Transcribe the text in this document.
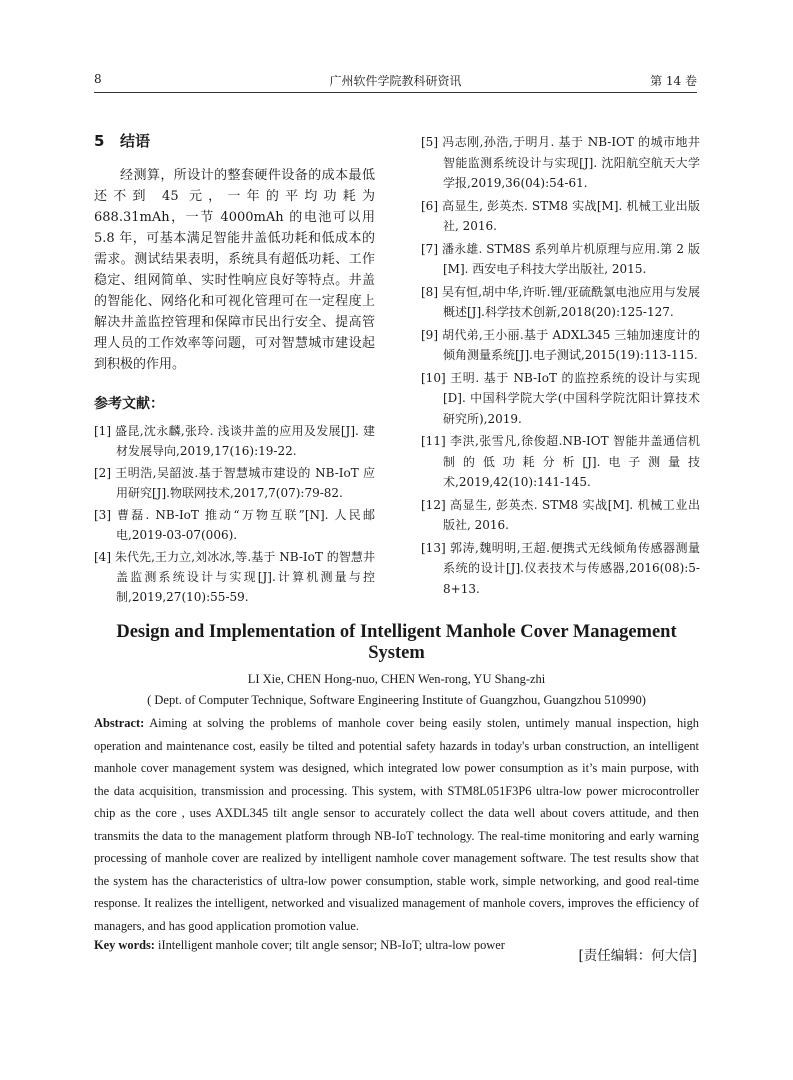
8	广州软件学院教科研资讯	第 14 卷
5 结语

经测算，所设计的整套硬件设备的成本最低还不到 45 元，一年的平均功耗为 688.31mAh，一节 4000mAh 的电池可以用 5.8 年，可基本满足智能井盖低功耗和低成本的需求。测试结果表明，系统具有超低功耗、工作稳定、组网简单、实时性响应良好等特点。井盖的智能化、网络化和可视化管理可在一定程度上解决井盖监控管理和保障市民出行安全、提高管理人员的工作效率等问题，可对智慧城市建设起到积极的作用。

参考文献：

[1] 盛昆,沈永麟,张玲. 浅谈井盖的应用及发展[J]. 建材发展导向,2019,17(16):19-22.

[2] 王明浩,吴韶波.基于智慧城市建设的 NB-IoT 应用研究[J].物联网技术,2017,7(07):79-82.

[3] 曹磊. NB-IoT 推动“万物互联”[N]. 人民邮电,2019-03-07(006).

[4] 朱代先,王力立,刘冰冰,等.基于 NB-IoT 的智慧井盖监测系统设计与实现[J].计算机测量与控制,2019,27(10):55-59.

[5] 冯志刚,孙浩,于明月. 基于 NB-IOT 的城市地井智能监测系统设计与实现[J]. 沈阳航空航天大学学报,2019,36(04):54-61.

[6] 高显生, 彭英杰. STM8 实战[M]. 机械工业出版社, 2016.

[7] 潘永雄. STM8S 系列单片机原理与应用.第 2 版[M]. 西安电子科技大学出版社, 2015.

[8] 吴有恒,胡中华,许昕.锂/亚硫酰氯电池应用与发展概述[J].科学技术创新,2018(20):125-127.

[9] 胡代弟,王小丽.基于 ADXL345 三轴加速度计的倾角测量系统[J].电子测试,2015(19):113-115.

[10] 王明. 基于 NB-IoT 的监控系统的设计与实现[D]. 中国科学院大学(中国科学院沈阳计算技术研究所),2019.

[11] 李洪,张雪凡,徐俊超.NB-IOT 智能井盖通信机制的低功耗分析[J].电子测量技术,2019,42(10):141-145.

[12] 高显生, 彭英杰. STM8 实战[M]. 机械工业出版社, 2016.

[13] 郭涛,魏明明,王超.便携式无线倾角传感器测量系统的设计[J].仪表技术与传感器,2016(08):5-8+13.

Design and Implementation of Intelligent Manhole Cover Management System

LI Xie, CHEN Hong-nuo, CHEN Wen-rong, YU Shang-zhi

( Dept. of Computer Technique, Software Engineering Institute of Guangzhou, Guangzhou 510990)

Abstract: Aiming at solving the problems of manhole cover being easily stolen, untimely manual inspection, high operation and maintenance cost, easily be tilted and potential safety hazards in today's urban construction, an intelligent manhole cover management system was designed, which integrated low power consumption as it’s main purpose, with the data acquisition, transmission and processing. This system, with STM8L051F3P6 ultra-low power microcontroller chip as the core , uses AXDL345 tilt angle sensor to accurately collect the data well about covers attitude, and then transmits the data to the management platform through NB-IoT technology. The real-time monitoring and early warning processing of manhole cover are realized by intelligent namhole cover management software. The test results show that the system has the characteristics of ultra-low power consumption, stable work, simple networking, and good real-time response. It realizes the intelligent, networked and visualized management of manhole covers, improves the efficiency of managers, and has good application promotion value.

Key words: iIntelligent manhole cover; tilt angle sensor; NB-IoT; ultra-low power

[责任编辑：何大信]
